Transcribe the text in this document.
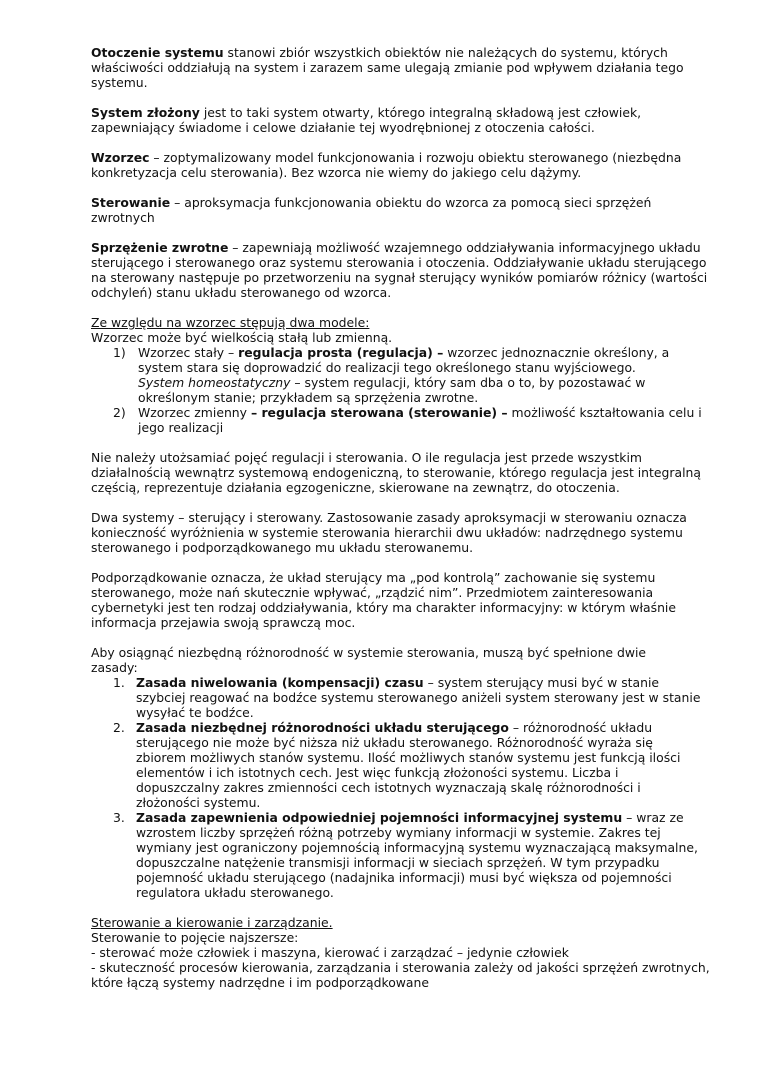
Otoczenie systemu stanowi zbiór wszystkich obiektów nie należących do systemu, których właściwości oddziałują na system i zarazem same ulegają zmianie pod wpływem działania tego systemu.

System złożony jest to taki system otwarty, którego integralną składową jest człowiek, zapewniający świadome i celowe działanie tej wyodrębnionej z otoczenia całości.

Wzorzec – zoptymalizowany model funkcjonowania i rozwoju obiektu sterowanego (niezbędna konkretyzacja celu sterowania). Bez wzorca nie wiemy do jakiego celu dążymy.

Sterowanie – aproksymacja funkcjonowania obiektu do wzorca za pomocą sieci sprzężeń zwrotnych

Sprzężenie zwrotne – zapewniają możliwość wzajemnego oddziaływania informacyjnego układu sterującego i sterowanego oraz systemu sterowania i otoczenia. Oddziaływanie układu sterującego na sterowany następuje po przetworzeniu na sygnał sterujący wyników pomiarów różnicy (wartości odchyleń) stanu układu sterowanego od wzorca.

Ze względu na wzorzec stępują dwa modele:

Wzorzec może być wielkością stałą lub zmienną.

1) Wzorzec stały – regulacja prosta (regulacja) – wzorzec jednoznacznie określony, a system stara się doprowadzić do realizacji tego określonego stanu wyjściowego.

System homeostatyczny – system regulacji, który sam dba o to, by pozostawać w określonym stanie; przykładem są sprzężenia zwrotne.

2) Wzorzec zmienny – regulacja sterowana (sterowanie) – możliwość kształtowania celu i jego realizacji

Nie należy utożsamiać pojęć regulacji i sterowania. O ile regulacja jest przede wszystkim działalnością wewnątrz systemową endogeniczną, to sterowanie, którego regulacja jest integralną częścią, reprezentuje działania egzogeniczne, skierowane na zewnątrz, do otoczenia.

Dwa systemy – sterujący i sterowany. Zastosowanie zasady aproksymacji w sterowaniu oznacza konieczność wyróżnienia w systemie sterowania hierarchii dwu układów: nadrzędnego systemu sterowanego i podporządkowanego mu układu sterowanemu.

Podporządkowanie oznacza, że układ sterujący ma „pod kontrolą” zachowanie się systemu sterowanego, może nań skutecznie wpływać, „rządzić nim”. Przedmiotem zainteresowania cybernetyki jest ten rodzaj oddziaływania, który ma charakter informacyjny: w którym właśnie informacja przejawia swoją sprawczą moc.

Aby osiągnąć niezbędną różnorodność w systemie sterowania, muszą być spełnione dwie zasady:

1. Zasada niwelowania (kompensacji) czasu – system sterujący musi być w stanie szybciej reagować na bodźce systemu sterowanego aniżeli system sterowany jest w stanie wysyłać te bodźce.

2. Zasada niezbędnej różnorodności układu sterującego – różnorodność układu sterującego nie może być niższa niż układu sterowanego. Różnorodność wyraża się zbiorem możliwych stanów systemu. Ilość możliwych stanów systemu jest funkcją ilości elementów i ich istotnych cech. Jest więc funkcją złożoności systemu. Liczba i dopuszczalny zakres zmienności cech istotnych wyznaczają skalę różnorodności i złożoności systemu.

3. Zasada zapewnienia odpowiedniej pojemności informacyjnej systemu – wraz ze wzrostem liczby sprzężeń różną potrzeby wymiany informacji w systemie. Zakres tej wymiany jest ograniczony pojemnością informacyjną systemu wyznaczającą maksymalne, dopuszczalne natężenie transmisji informacji w sieciach sprzężeń. W tym przypadku pojemność układu sterującego (nadajnika informacji) musi być większa od pojemności regulatora układu sterowanego.

Sterowanie a kierowanie i zarządzanie.

Sterowanie to pojęcie najszersze:

- sterować może człowiek i maszyna, kierować i zarządzać – jedynie człowiek

- skuteczność procesów kierowania, zarządzania i sterowania zależy od jakości sprzężeń zwrotnych, które łączą systemy nadrzędne i im podporządkowane
